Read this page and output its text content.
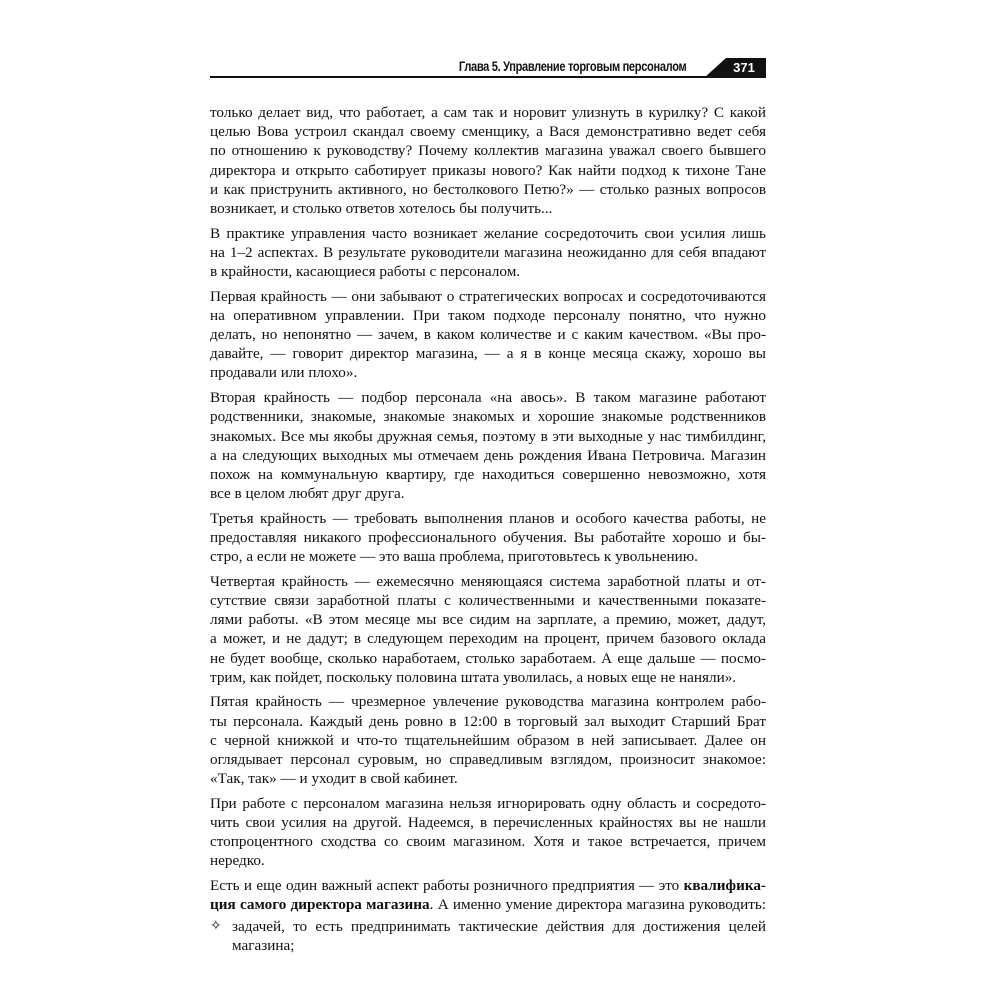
Глава 5. Управление торговым персоналом	371
только делает вид, что работает, а сам так и норовит улизнуть в курилку? С какой
целью Вова устроил скандал своему сменщику, а Вася демонстративно ведет себя
по отношению к руководству? Почему коллектив магазина уважал своего бывшего
директора и открыто саботирует приказы нового? Как найти подход к тихоне Тане
и как приструнить активного, но бестолкового Петю?» — столько разных вопросов
возникает, и столько ответов хотелось бы получить...
В практике управления часто возникает желание сосредоточить свои усилия лишь
на 1–2 аспектах. В результате руководители магазина неожиданно для себя впадают
в крайности, касающиеся работы с персоналом.
Первая крайность — они забывают о стратегических вопросах и сосредоточиваются
на оперативном управлении. При таком подходе персоналу понятно, что нужно
делать, но непонятно — зачем, в каком количестве и с каким качеством. «Вы про-
давайте, — говорит директор магазина, — а я в конце месяца скажу, хорошо вы
продавали или плохо».
Вторая крайность — подбор персонала «на авось». В таком магазине работают
родственники, знакомые, знакомые знакомых и хорошие знакомые родственников
знакомых. Все мы якобы дружная семья, поэтому в эти выходные у нас тимбилдинг,
а на следующих выходных мы отмечаем день рождения Ивана Петровича. Магазин
похож на коммунальную квартиру, где находиться совершенно невозможно, хотя
все в целом любят друг друга.
Третья крайность — требовать выполнения планов и особого качества работы, не
предоставляя никакого профессионального обучения. Вы работайте хорошо и бы-
стро, а если не можете — это ваша проблема, приготовьтесь к увольнению.
Четвертая крайность — ежемесячно меняющаяся система заработной платы и от-
сутствие связи заработной платы с количественными и качественными показате-
лями работы. «В этом месяце мы все сидим на зарплате, а премию, может, дадут,
а может, и не дадут; в следующем переходим на процент, причем базового оклада
не будет вообще, сколько наработаем, столько заработаем. А еще дальше — посмо-
трим, как пойдет, поскольку половина штата уволилась, а новых еще не наняли».
Пятая крайность — чрезмерное увлечение руководства магазина контролем рабо-
ты персонала. Каждый день ровно в 12:00 в торговый зал выходит Старший Брат
с черной книжкой и что-то тщательнейшим образом в ней записывает. Далее он
оглядывает персонал суровым, но справедливым взглядом, произносит знакомое:
«Так, так» — и уходит в свой кабинет.
При работе с персоналом магазина нельзя игнорировать одну область и сосредото-
чить свои усилия на другой. Надеемся, в перечисленных крайностях вы не нашли
стопроцентного сходства со своим магазином. Хотя и такое встречается, причем
нередко.
Есть и еще один важный аспект работы розничного предприятия — это квалифика-
ция самого директора магазина. А именно умение директора магазина руководить:
✧ задачей, то есть предпринимать тактические действия для достижения целей
магазина;
